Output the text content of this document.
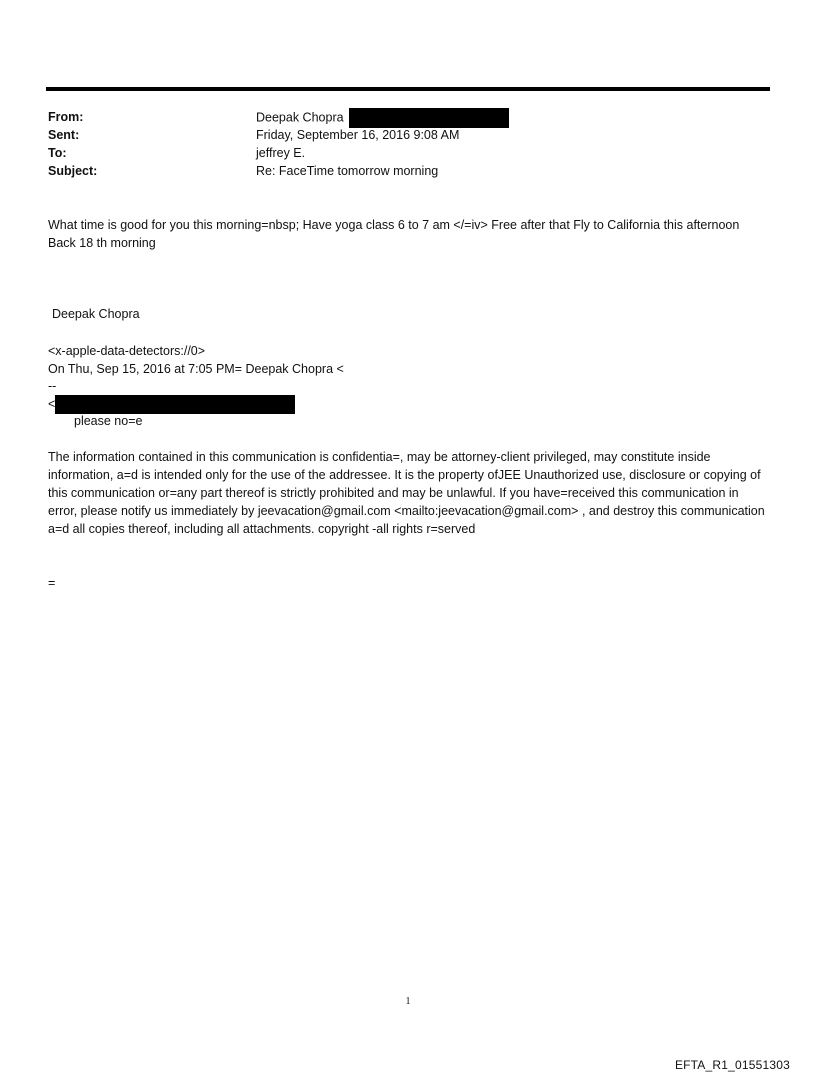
From:	Deepak Chopra
Sent:	Friday, September 16, 2016 9:08 AM
To:	jeffrey E.
Subject:	Re: FaceTime tomorrow morning
What time is good for you this morning=nbsp; Have yoga class 6 to 7 am </=iv> Free after that Fly to California this afternoon Back 18 th morning
Deepak Chopra
<x-apple-data-detectors://0>
On Thu, Sep 15, 2016 at 7:05 PM= Deepak Chopra <
--
<
please no=e
The information contained in this communication is confidentia=, may be attorney-client privileged, may constitute inside information, a=d is intended only for the use of the addressee. It is the property ofJEE Unauthorized use, disclosure or copying of this communication or=any part thereof is strictly prohibited and may be unlawful. If you have=received this communication in error, please notify us immediately by jeevacation@gmail.com <mailto:jeevacation@gmail.com> , and destroy this communication a=d all copies thereof, including all attachments. copyright -all rights r=served
=
1
EFTA_R1_01551303
